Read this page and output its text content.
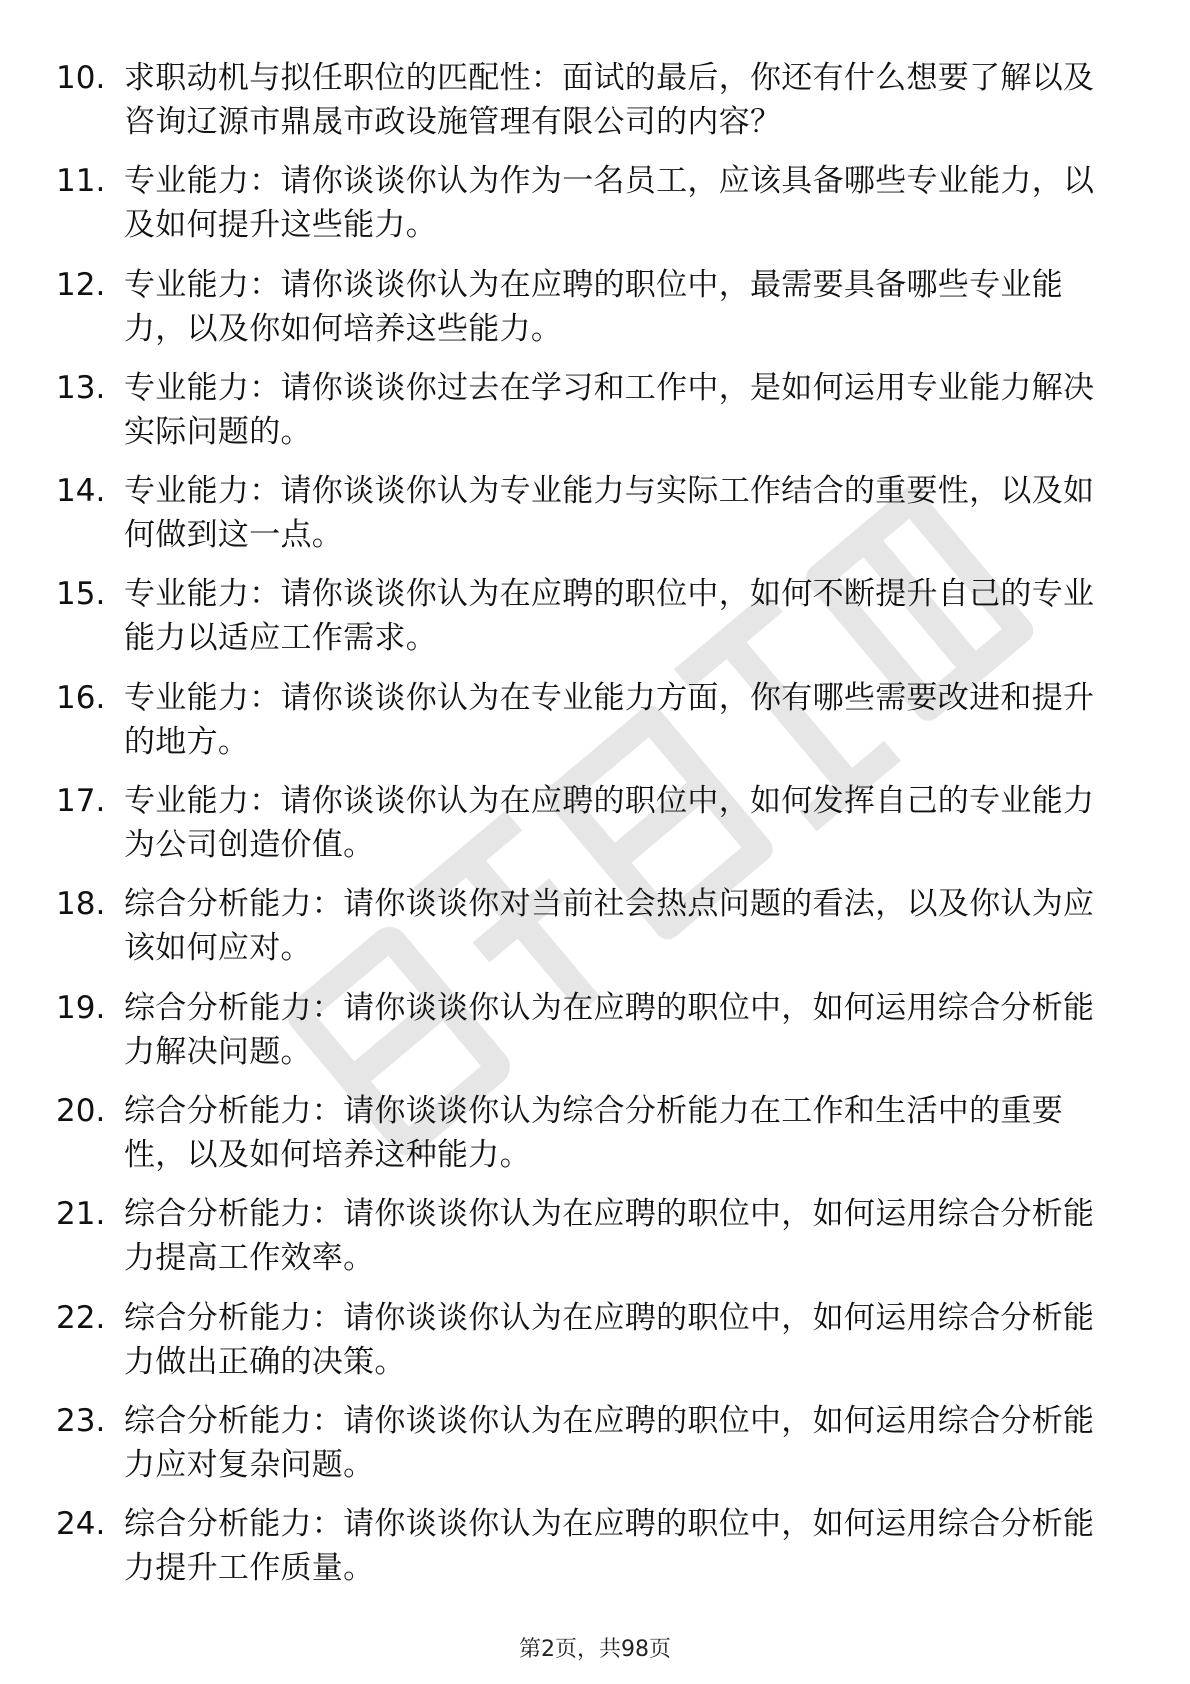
10. 求职动机与拟任职位的匹配性：面试的最后，你还有什么想要了解以及咨询辽源市鼎晟市政设施管理有限公司的内容？
11. 专业能力：请你谈谈你认为作为一名员工，应该具备哪些专业能力，以及如何提升这些能力。
12. 专业能力：请你谈谈你认为在应聘的职位中，最需要具备哪些专业能力，以及你如何培养这些能力。
13. 专业能力：请你谈谈你过去在学习和工作中，是如何运用专业能力解决实际问题的。
14. 专业能力：请你谈谈你认为专业能力与实际工作结合的重要性，以及如何做到这一点。
15. 专业能力：请你谈谈你认为在应聘的职位中，如何不断提升自己的专业能力以适应工作需求。
16. 专业能力：请你谈谈你认为在专业能力方面，你有哪些需要改进和提升的地方。
17. 专业能力：请你谈谈你认为在应聘的职位中，如何发挥自己的专业能力为公司创造价值。
18. 综合分析能力：请你谈谈你对当前社会热点问题的看法，以及你认为应该如何应对。
19. 综合分析能力：请你谈谈你认为在应聘的职位中，如何运用综合分析能力解决问题。
20. 综合分析能力：请你谈谈你认为综合分析能力在工作和生活中的重要性，以及如何培养这种能力。
21. 综合分析能力：请你谈谈你认为在应聘的职位中，如何运用综合分析能力提高工作效率。
22. 综合分析能力：请你谈谈你认为在应聘的职位中，如何运用综合分析能力做出正确的决策。
23. 综合分析能力：请你谈谈你认为在应聘的职位中，如何运用综合分析能力应对复杂问题。
24. 综合分析能力：请你谈谈你认为在应聘的职位中，如何运用综合分析能力提升工作质量。
第2页，共98页
